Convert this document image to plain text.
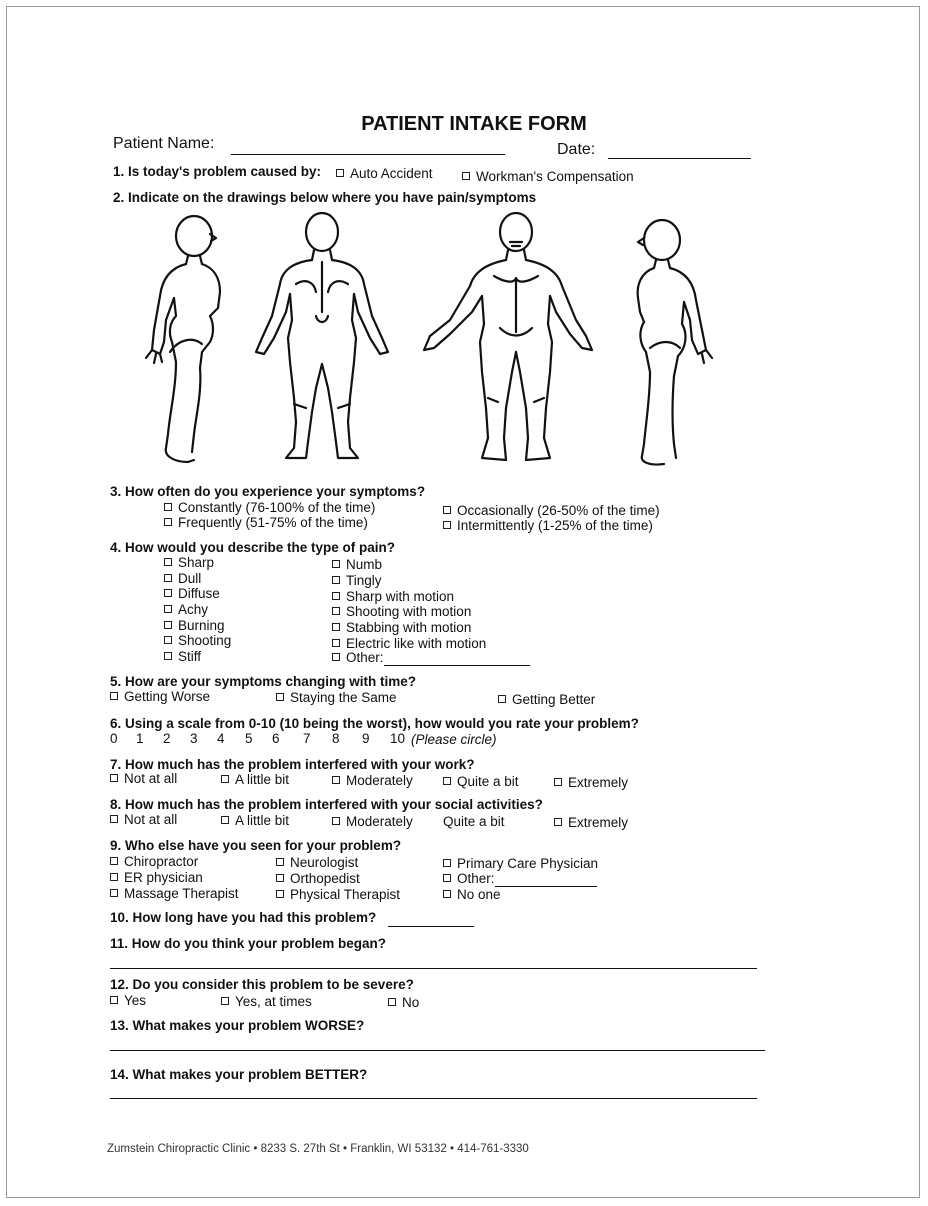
PATIENT INTAKE FORM
Patient Name:	Date:
1. Is today's problem caused by:	Auto Accident	Workman's Compensation
2. Indicate on the drawings below where you have pain/symptoms
3. How often do you experience your symptoms?
Constantly (76-100% of the time)
Frequently (51-75% of the time)
Occasionally (26-50% of the time)
Intermittently (1-25% of the time)
4. How would you describe the type of pain?
Sharp
Dull
Diffuse
Achy
Burning
Shooting
Stiff
Numb
Tingly
Sharp with motion
Shooting with motion
Stabbing with motion
Electric like with motion
Other:
5. How are your symptoms changing with time?
Getting Worse	Staying the Same	Getting Better
6. Using a scale from 0-10 (10 being the worst), how would you rate your problem?
0 1 2 3 4 5 6 7 8 9 10 (Please circle)
7. How much has the problem interfered with your work?
Not at all	A little bit	Moderately	Quite a bit	Extremely
8. How much has the problem interfered with your social activities?
Not at all	A little bit	Moderately Quite a bit	Extremely
9. Who else have you seen for your problem?
Chiropractor
ER physician
Massage Therapist
Neurologist
Orthopedist
Physical Therapist
Primary Care Physician
Other:
No one
10. How long have you had this problem?
11. How do you think your problem began?
12. Do you consider this problem to be severe?
Yes	Yes, at times	No
13. What makes your problem WORSE?
14. What makes your problem BETTER?
Zumstein Chiropractic Clinic • 8233 S. 27th St • Franklin, WI 53132 • 414-761-3330
